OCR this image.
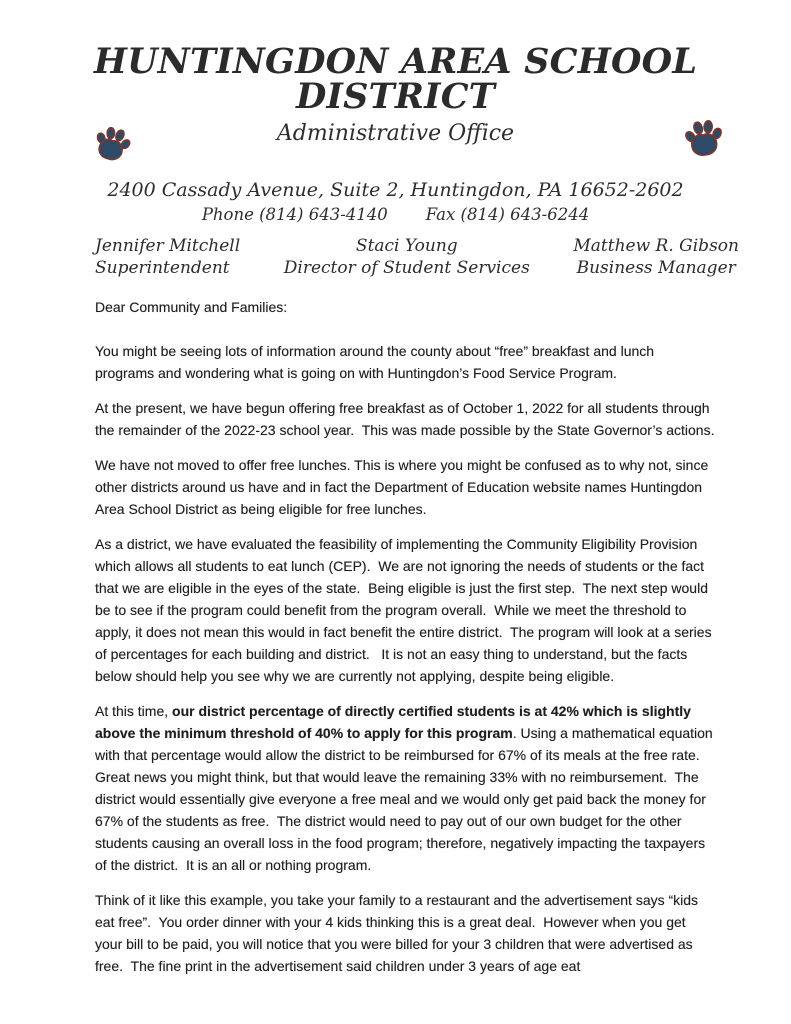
HUNTINGDON AREA SCHOOL DISTRICT
Administrative Office
2400 Cassady Avenue, Suite 2, Huntingdon, PA 16652-2602
Phone (814) 643-4140 Fax (814) 643-6244
Jennifer Mitchell
Superintendent
Staci Young
Director of Student Services
Matthew R. Gibson
Business Manager

Dear Community and Families:

You might be seeing lots of information around the county about “free” breakfast and lunch programs and wondering what is going on with Huntingdon’s Food Service Program.

At the present, we have begun offering free breakfast as of October 1, 2022 for all students through the remainder of the 2022-23 school year.  This was made possible by the State Governor’s actions.

We have not moved to offer free lunches. This is where you might be confused as to why not, since other districts around us have and in fact the Department of Education website names Huntingdon Area School District as being eligible for free lunches.

As a district, we have evaluated the feasibility of implementing the Community Eligibility Provision which allows all students to eat lunch (CEP).  We are not ignoring the needs of students or the fact that we are eligible in the eyes of the state.  Being eligible is just the first step.  The next step would be to see if the program could benefit from the program overall.  While we meet the threshold to apply, it does not mean this would in fact benefit the entire district.  The program will look at a series of percentages for each building and district.   It is not an easy thing to understand, but the facts below should help you see why we are currently not applying, despite being eligible.

At this time, our district percentage of directly certified students is at 42% which is slightly above the minimum threshold of 40% to apply for this program. Using a mathematical equation with that percentage would allow the district to be reimbursed for 67% of its meals at the free rate.   Great news you might think, but that would leave the remaining 33% with no reimbursement.  The district would essentially give everyone a free meal and we would only get paid back the money for 67% of the students as free.  The district would need to pay out of our own budget for the other students causing an overall loss in the food program; therefore, negatively impacting the taxpayers of the district.  It is an all or nothing program.

Think of it like this example, you take your family to a restaurant and the advertisement says “kids eat free”.  You order dinner with your 4 kids thinking this is a great deal.  However when you get your bill to be paid, you will notice that you were billed for your 3 children that were advertised as free.  The fine print in the advertisement said children under 3 years of age eat
